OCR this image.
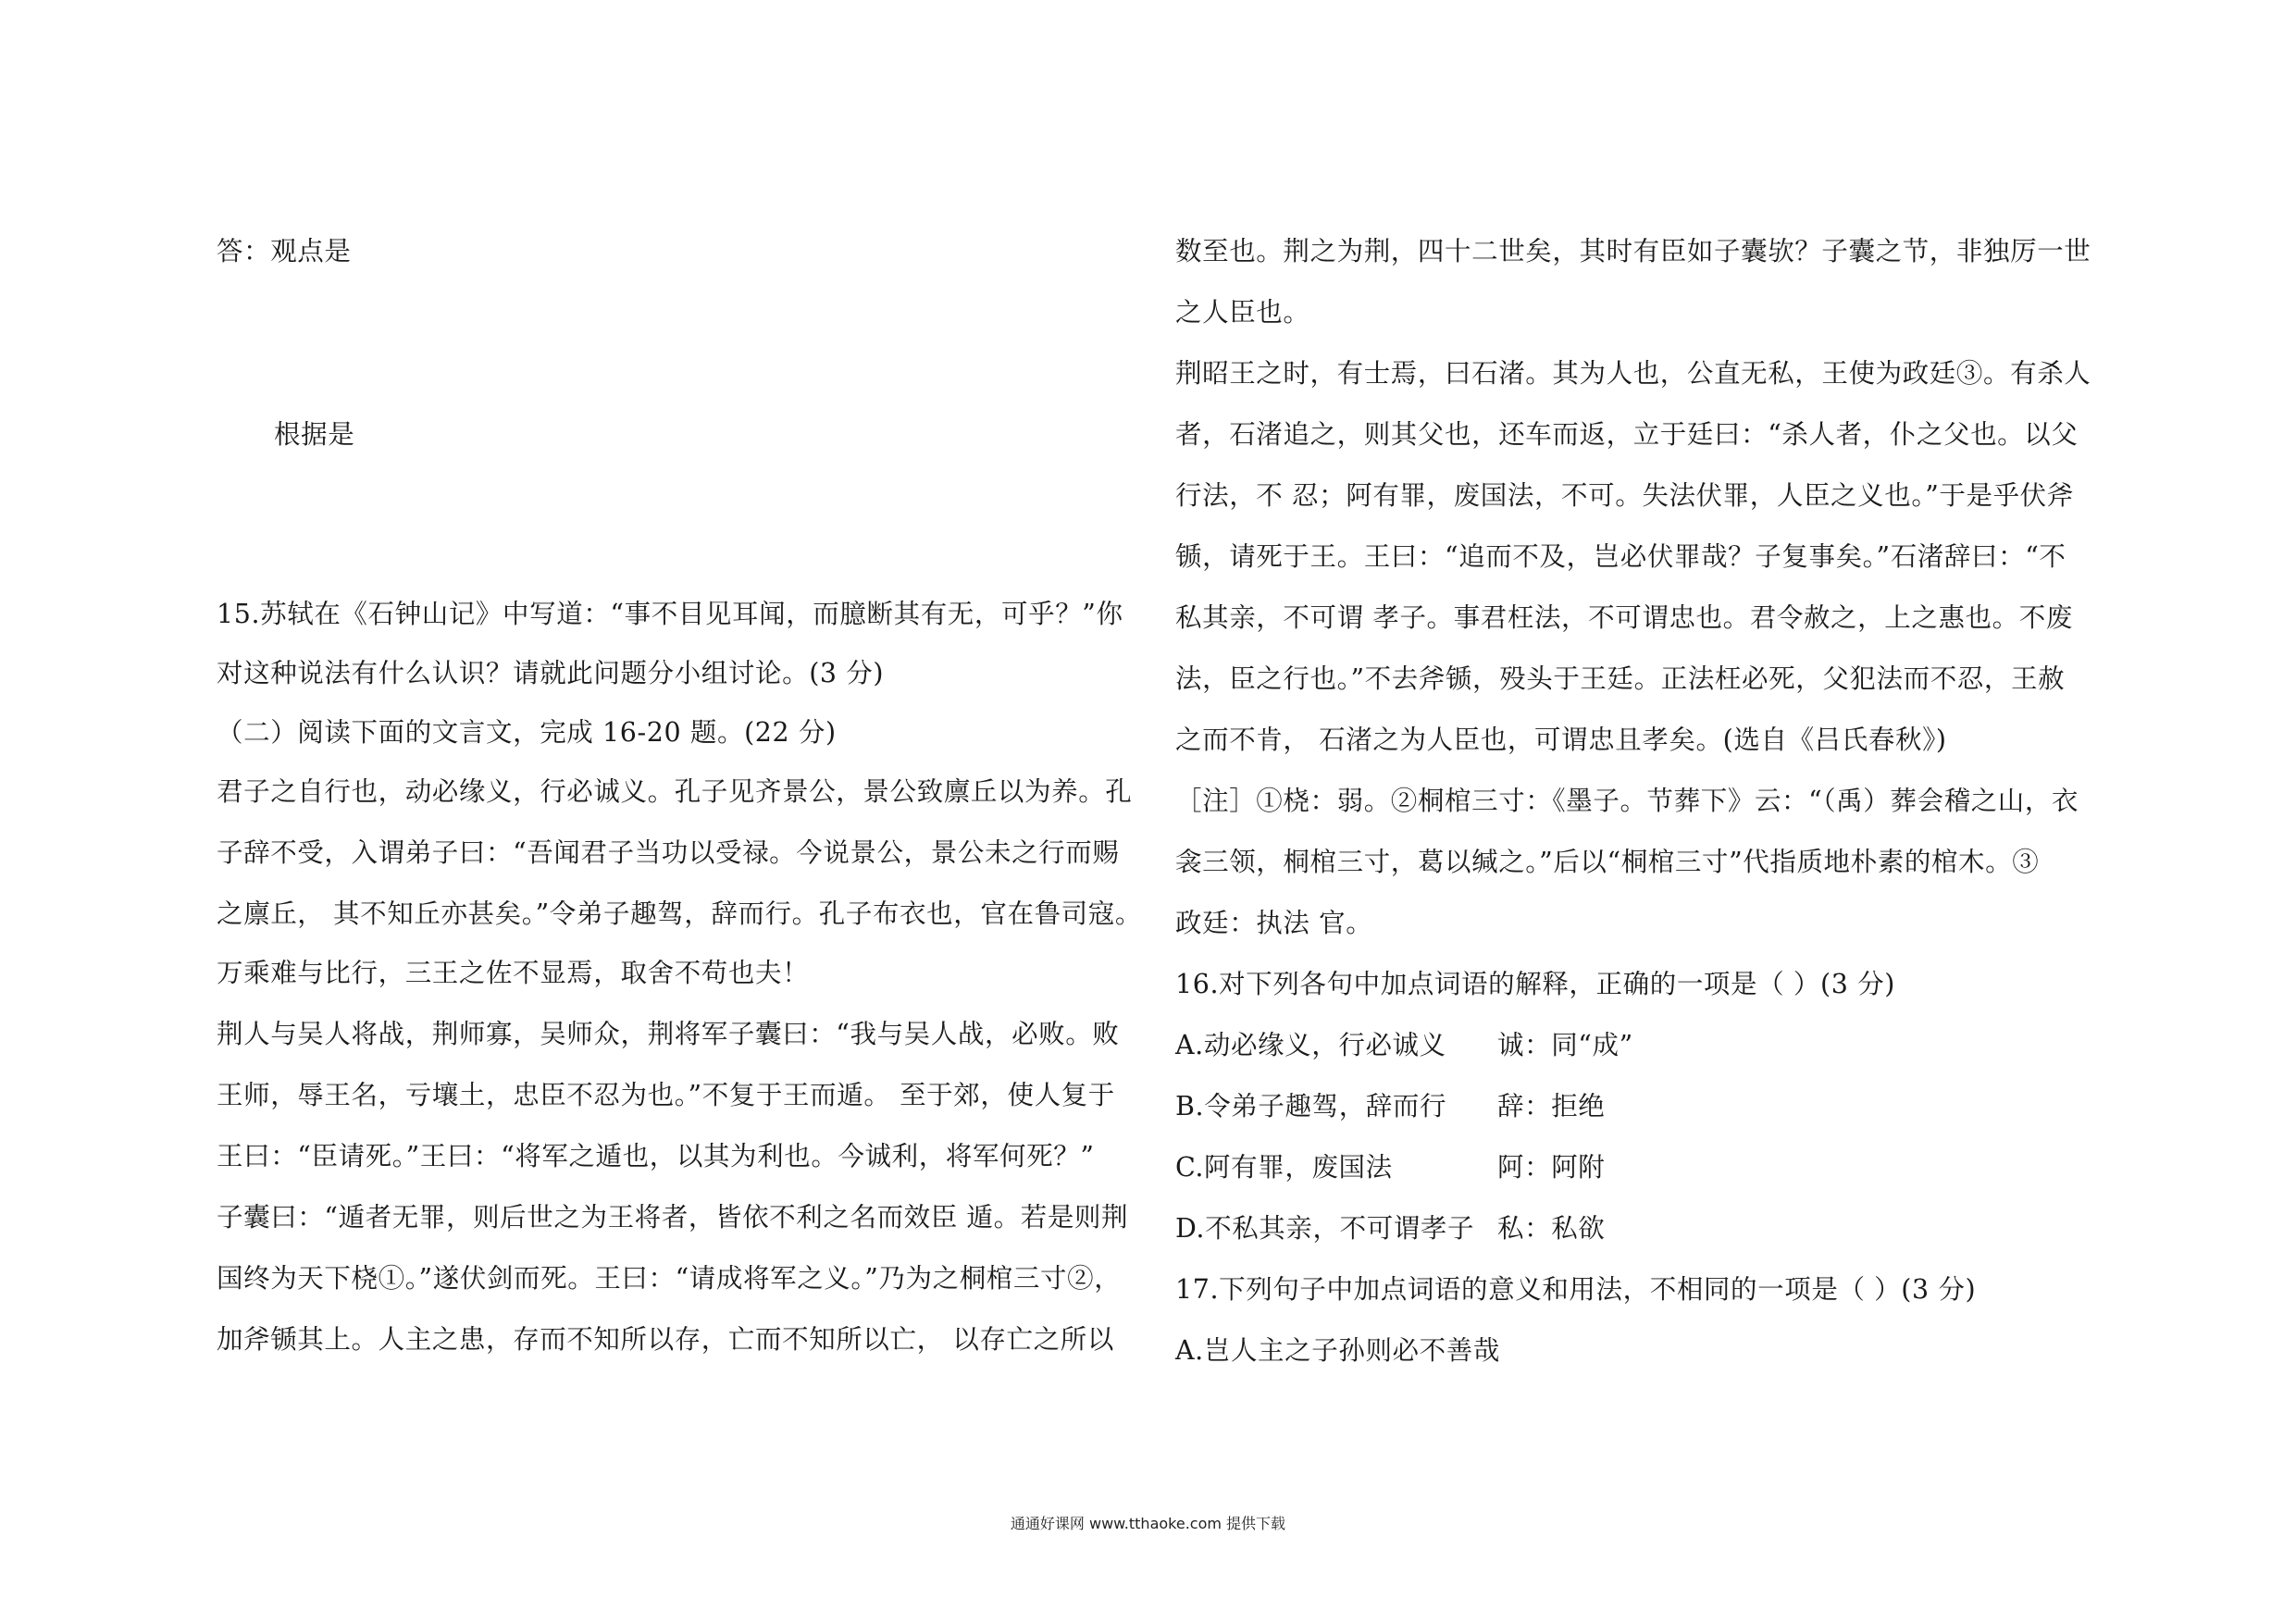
答：观点是
根据是
15.苏轼在《石钟山记》中写道：“事不目见耳闻，而臆断其有无，可乎？”你
对这种说法有什么认识？请就此问题分小组讨论。(3 分)
（二）阅读下面的文言文，完成 16-20 题。(22 分)
君子之自行也，动必缘义，行必诚义。孔子见齐景公，景公致廪丘以为养。孔
子辞不受，入谓弟子曰：“吾闻君子当功以受禄。今说景公，景公未之行而赐
之廪丘， 其不知丘亦甚矣。”令弟子趣驾，辞而行。孔子布衣也，官在鲁司寇。
万乘难与比行，三王之佐不显焉，取舍不苟也夫！
荆人与吴人将战，荆师寡，吴师众，荆将军子囊曰：“我与吴人战，必败。败
王师，辱王名，亏壤土，忠臣不忍为也。”不复于王而遁。 至于郊，使人复于
王曰：“臣请死。”王曰：“将军之遁也，以其为利也。今诚利，将军何死？”
子囊曰：“遁者无罪，则后世之为王将者，皆依不利之名而效臣 遁。若是则荆
国终为天下桡①。”遂伏剑而死。王曰：“请成将军之义。”乃为之桐棺三寸②，
加斧锧其上。人主之患，存而不知所以存，亡而不知所以亡， 以存亡之所以
数至也。荆之为荆，四十二世矣，其时有臣如子囊欤？子囊之节，非独厉一世
之人臣也。
荆昭王之时，有士焉，曰石渚。其为人也，公直无私，王使为政廷③。有杀人
者，石渚追之，则其父也，还车而返，立于廷曰：“杀人者，仆之父也。以父
行法，不 忍；阿有罪，废国法，不可。失法伏罪，人臣之义也。”于是乎伏斧
锧，请死于王。王曰：“追而不及，岂必伏罪哉？子复事矣。”石渚辞曰：“不
私其亲，不可谓 孝子。事君枉法，不可谓忠也。君令赦之，上之惠也。不废
法，臣之行也。”不去斧锧，殁头于王廷。正法枉必死，父犯法而不忍，王赦
之而不肯， 石渚之为人臣也，可谓忠且孝矣。(选自《吕氏春秋》)
［注］①桡：弱。②桐棺三寸：《墨子。节葬下》云：“（禹）葬会稽之山，衣
衾三领，桐棺三寸，葛以缄之。”后以“桐棺三寸”代指质地朴素的棺木。③
政廷：执法 官。
16.对下列各句中加点词语的解释，正确的一项是（ ）(3 分)
A.动必缘义，行必诚义 诚：同“成”
B.令弟子趣驾，辞而行 辞：拒绝
C.阿有罪，废国法	阿：阿附
D.不私其亲，不可谓孝子 私：私欲
17.下列句子中加点词语的意义和用法，不相同的一项是（ ）(3 分)
A.岂人主之子孙则必不善哉
通通好课网 www.tthaoke.com 提供下载
